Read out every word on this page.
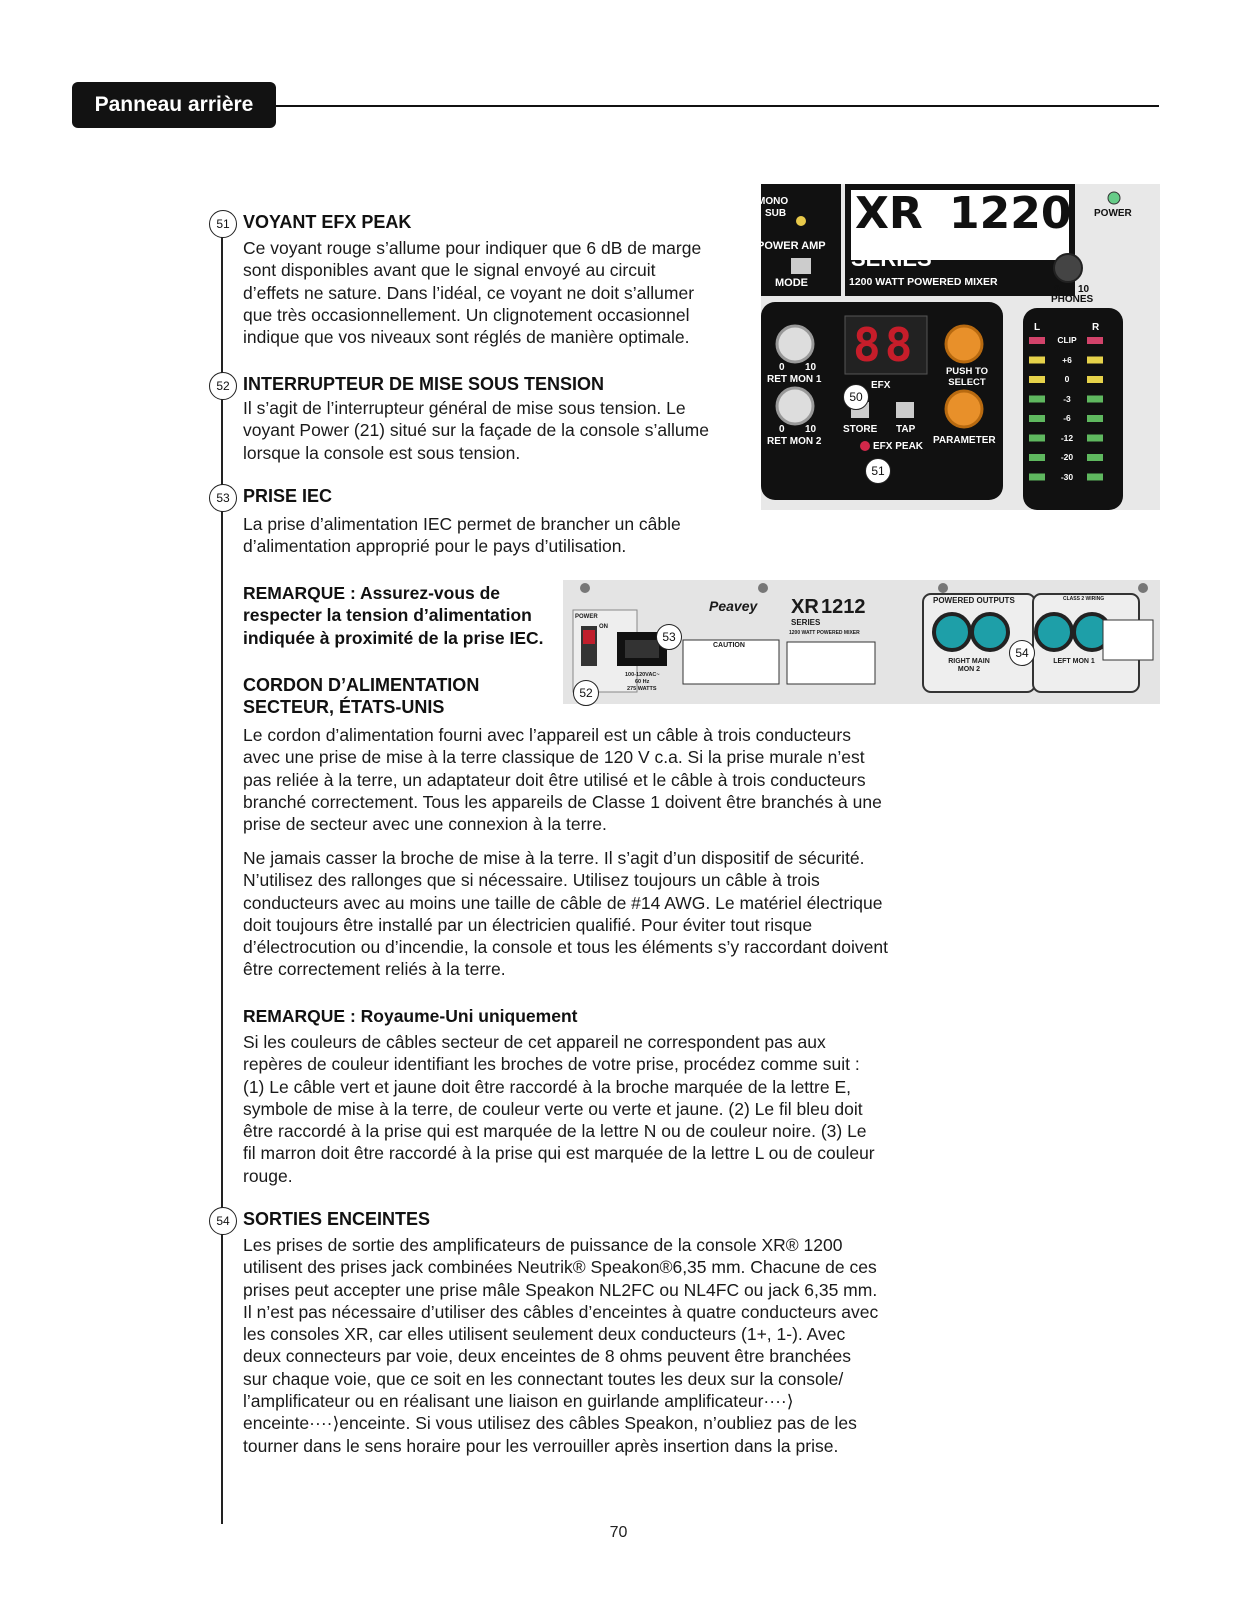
Panneau arrière
51 VOYANT EFX PEAK
Ce voyant rouge s’allume pour indiquer que 6 dB de marge
sont disponibles avant que le signal envoyé au circuit
d’effets ne sature. Dans l’idéal, ce voyant ne doit s’allumer
que très occasionnellement. Un clignotement occasionnel
indique que vos niveaux sont réglés de manière optimale.
52 INTERRUPTEUR DE MISE SOUS TENSION
Il s’agit de l’interrupteur général de mise sous tension. Le
voyant Power (21) situé sur la façade de la console s’allume
lorsque la console est sous tension.
53 PRISE IEC
La prise d’alimentation IEC permet de brancher un câble
d’alimentation approprié pour le pays d’utilisation.
REMARQUE : Assurez-vous de
respecter la tension d’alimentation
indiquée à proximité de la prise IEC.
CORDON D’ALIMENTATION
SECTEUR, ÉTATS-UNIS
Le cordon d’alimentation fourni avec l’appareil est un câble à trois conducteurs
avec une prise de mise à la terre classique de 120 V c.a. Si la prise murale n’est
pas reliée à la terre, un adaptateur doit être utilisé et le câble à trois conducteurs
branché correctement. Tous les appareils de Classe 1 doivent être branchés à une
prise de secteur avec une connexion à la terre.
Ne jamais casser la broche de mise à la terre. Il s’agit d’un dispositif de sécurité.
N’utilisez des rallonges que si nécessaire. Utilisez toujours un câble à trois
conducteurs avec au moins une taille de câble de #14 AWG. Le matériel électrique
doit toujours être installé par un électricien qualifié. Pour éviter tout risque
d’électrocution ou d’incendie, la console et tous les éléments s’y raccordant doivent
être correctement reliés à la terre.
REMARQUE : Royaume-Uni uniquement
Si les couleurs de câbles secteur de cet appareil ne correspondent pas aux
repères de couleur identifiant les broches de votre prise, procédez comme suit :
(1) Le câble vert et jaune doit être raccordé à la broche marquée de la lettre E,
symbole de mise à la terre, de couleur verte ou verte et jaune. (2) Le fil bleu doit
être raccordé à la prise qui est marquée de la lettre N ou de couleur noire. (3) Le
fil marron doit être raccordé à la prise qui est marquée de la lettre L ou de couleur
rouge.
54 SORTIES ENCEINTES
Les prises de sortie des amplificateurs de puissance de la console XR® 1200
utilisent des prises jack combinées Neutrik® Speakon®6,35 mm. Chacune de ces
prises peut accepter une prise mâle Speakon NL2FC ou NL4FC ou jack 6,35 mm.
Il n’est pas nécessaire d’utiliser des câbles d’enceintes à quatre conducteurs avec
les consoles XR, car elles utilisent seulement deux conducteurs (1+, 1-). Avec
deux connecteurs par voie, deux enceintes de 8 ohms peuvent être branchées
sur chaque voie, que ce soit en les connectant toutes les deux sur la console/
l’amplificateur ou en réalisant une liaison en guirlande amplificateur····⟩
enceinte····⟩enceinte. Si vous utilisez des câbles Speakon, n’oubliez pas de les
tourner dans le sens horaire pour les verrouiller après insertion dans la prise.
MONO
SUB
POWER AMP
MODE
XR 1220
SERIES
1200 WATT POWERED MIXER
POWER
0 10
PHONES
0 10
RET MON 1
0 10
RET MON 2
88
EFX
PUSH TO SELECT
STORE TAP
PARAMETER
EFX PEAK
L	R
CLIP
+6
0
-3
-6
-12
-20
-30
50
51
POWER
ON
Peavey XR 1212
SERIES
1200 WATT POWERED MIXER
CAUTION
100-120VAC~
60 Hz
275 WATTS
POWERED OUTPUTS	CLASS 2 WIRING
RIGHT MAIN MON 2
LEFT MON 1
53
52
54
70
